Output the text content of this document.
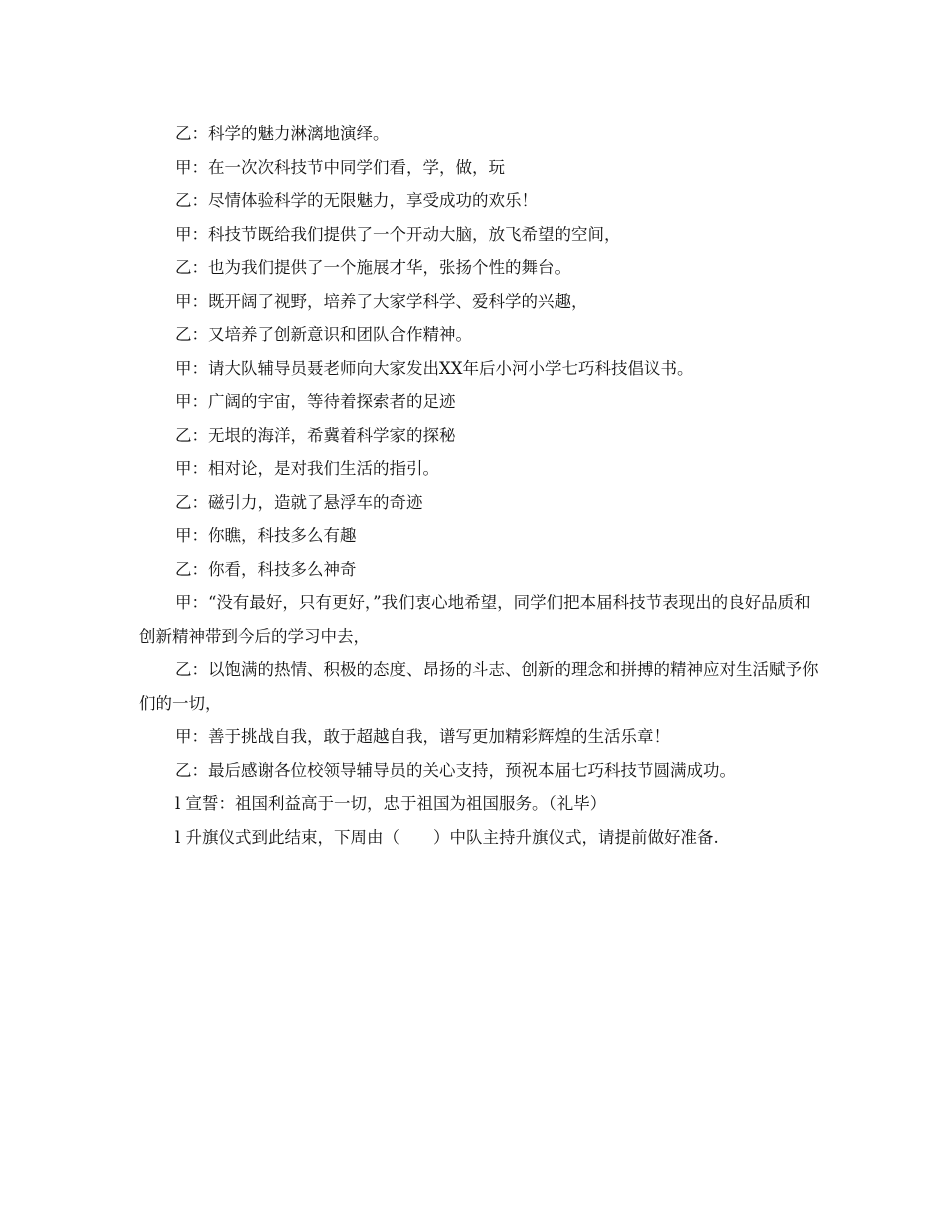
乙：科学的魅力淋漓地演绎。

甲：在一次次科技节中同学们看，学，做，玩

乙：尽情体验科学的无限魅力，享受成功的欢乐！

甲：科技节既给我们提供了一个开动大脑，放飞希望的空间，

乙：也为我们提供了一个施展才华，张扬个性的舞台。

甲：既开阔了视野，培养了大家学科学、爱科学的兴趣，

乙：又培养了创新意识和团队合作精神。

甲：请大队辅导员聂老师向大家发出XX年后小河小学七巧科技倡议书。

甲：广阔的宇宙，等待着探索者的足迹

乙：无垠的海洋，希冀着科学家的探秘

甲：相对论，是对我们生活的指引。

乙：磁引力，造就了悬浮车的奇迹

甲：你瞧，科技多么有趣

乙：你看，科技多么神奇

甲：“没有最好，只有更好，”我们衷心地希望，同学们把本届科技节表现出的良好品质和创新精神带到今后的学习中去，

乙：以饱满的热情、积极的态度、昂扬的斗志、创新的理念和拼搏的精神应对生活赋予你们的一切，

甲：善于挑战自我，敢于超越自我，谱写更加精彩辉煌的生活乐章！

乙：最后感谢各位校领导辅导员的关心支持，预祝本届七巧科技节圆满成功。

l 宣誓：祖国利益高于一切，忠于祖国为祖国服务。（礼毕）

l 升旗仪式到此结束，下周由（　　）中队主持升旗仪式，请提前做好准备.
